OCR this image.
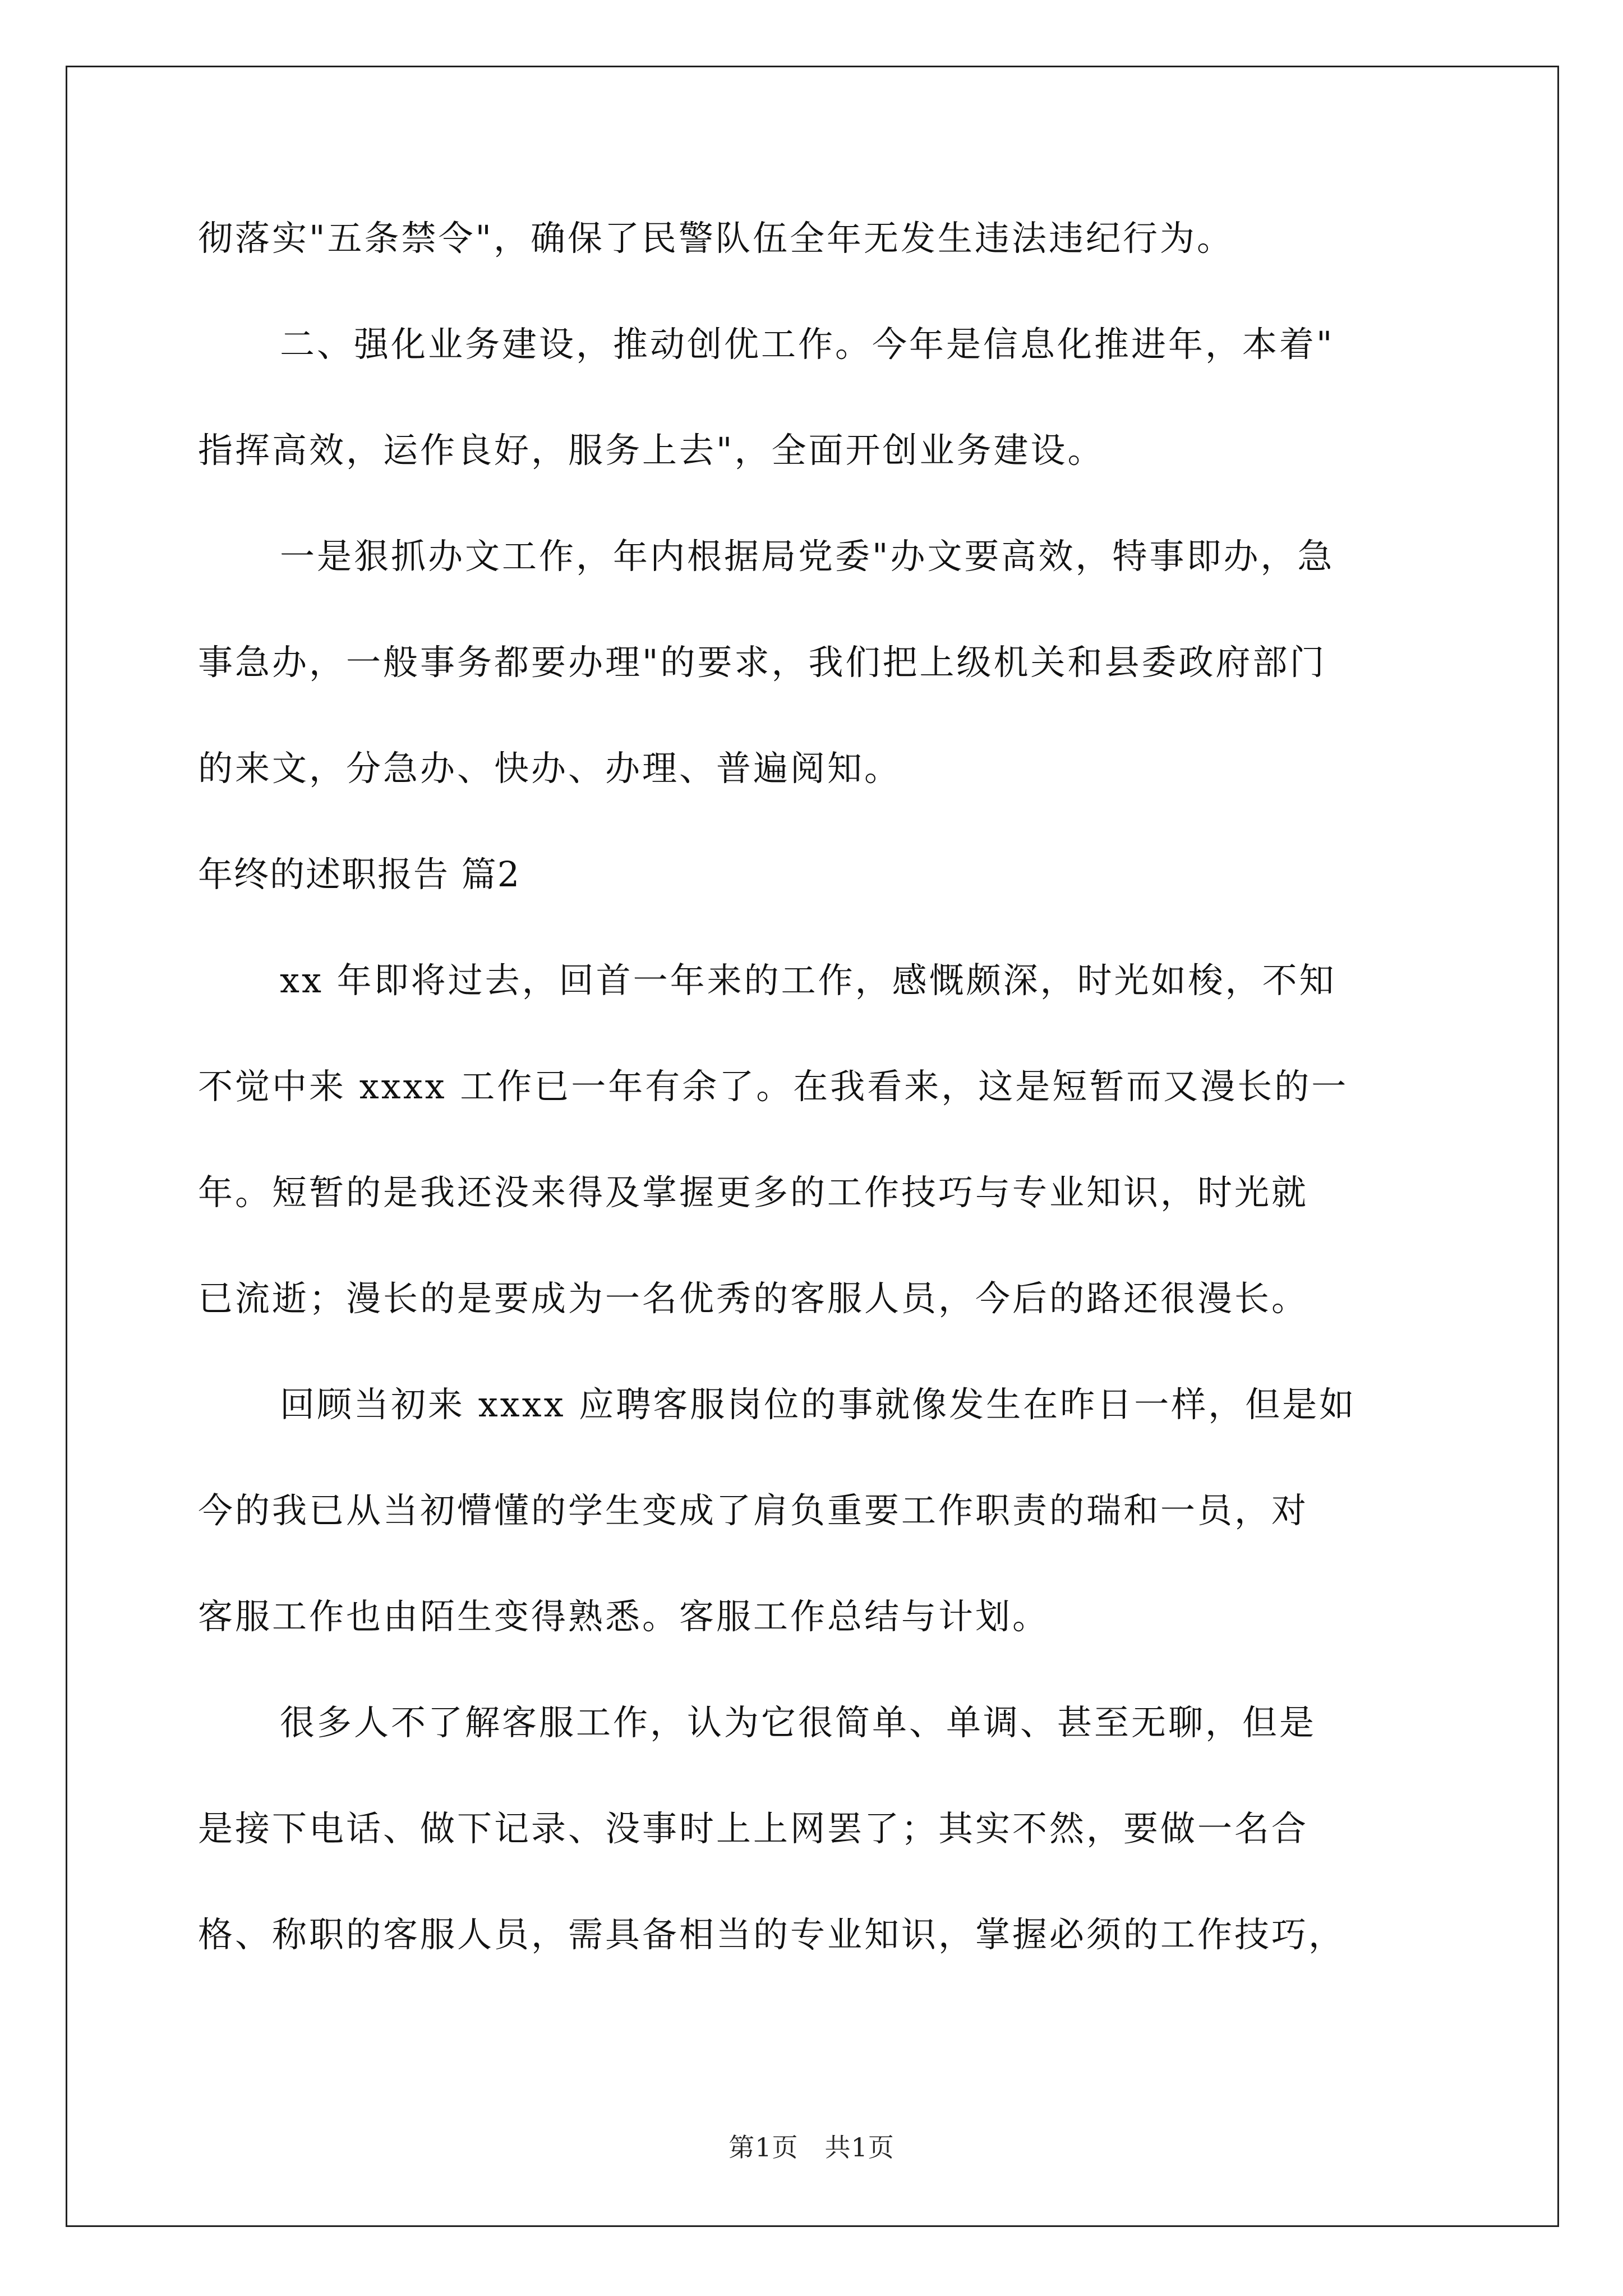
彻落实"五条禁令"，确保了民警队伍全年无发生违法违纪行为。
二、强化业务建设，推动创优工作。今年是信息化推进年，本着"
指挥高效，运作良好，服务上去"，全面开创业务建设。
一是狠抓办文工作，年内根据局党委"办文要高效，特事即办，急
事急办，一般事务都要办理"的要求，我们把上级机关和县委政府部门
的来文，分急办、快办、办理、普遍阅知。
年终的述职报告 篇2
xx 年即将过去，回首一年来的工作，感慨颇深，时光如梭，不知
不觉中来 xxxx 工作已一年有余了。在我看来，这是短暂而又漫长的一
年。短暂的是我还没来得及掌握更多的工作技巧与专业知识，时光就
已流逝；漫长的是要成为一名优秀的客服人员，今后的路还很漫长。
回顾当初来 xxxx 应聘客服岗位的事就像发生在昨日一样，但是如
今的我已从当初懵懂的学生变成了肩负重要工作职责的瑞和一员，对
客服工作也由陌生变得熟悉。客服工作总结与计划。
很多人不了解客服工作，认为它很简单、单调、甚至无聊，但是
是接下电话、做下记录、没事时上上网罢了；其实不然，要做一名合
格、称职的客服人员，需具备相当的专业知识，掌握必须的工作技巧，
第1页　共1页
